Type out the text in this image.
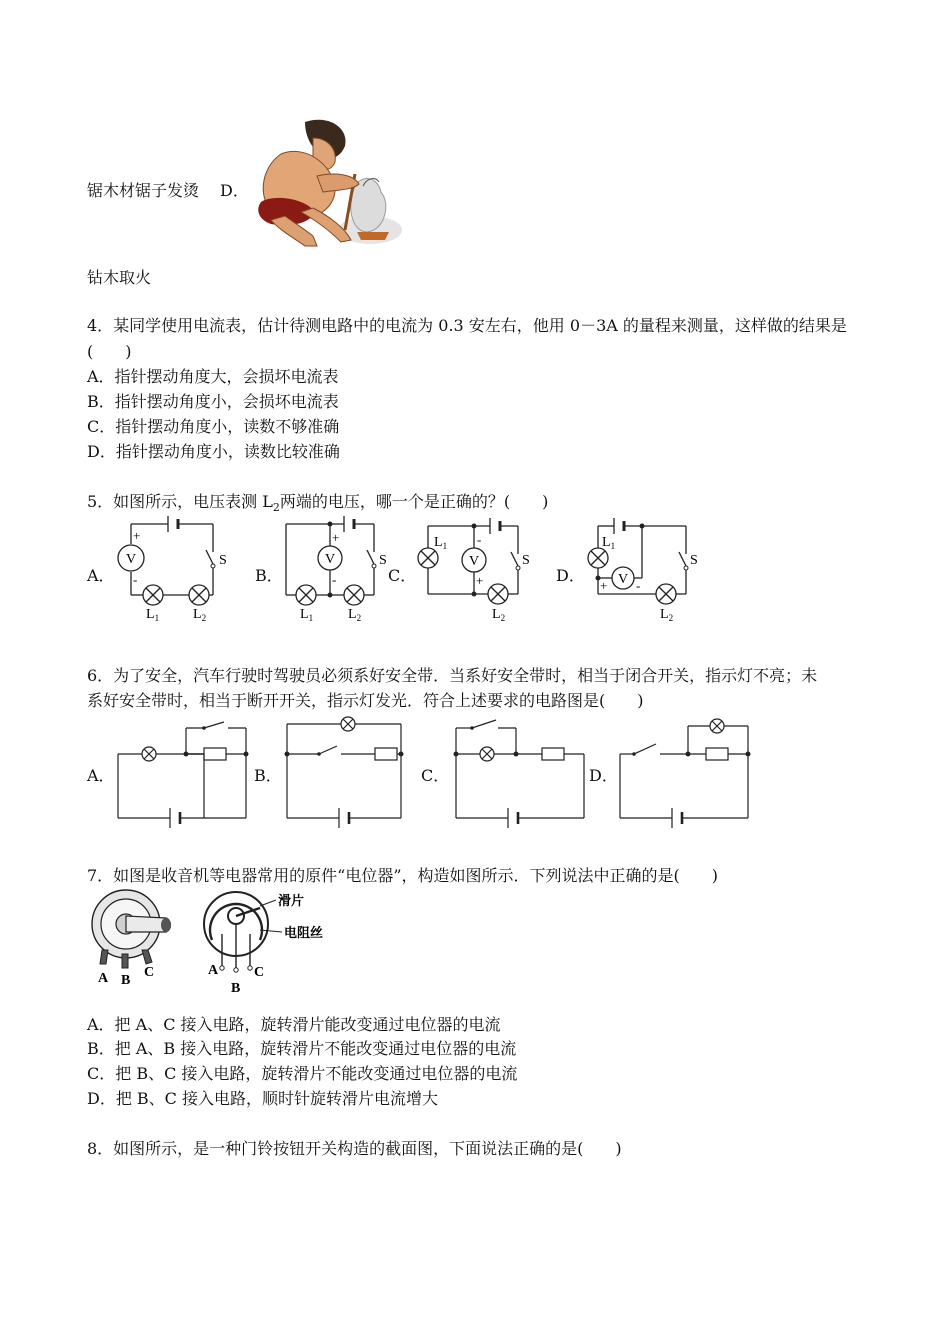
锯木材锯子发烫 D．
钻木取火
4．某同学使用电流表，估计待测电路中的电流为 0.3 安左右，他用 0－3A 的量程来测量，这样做的结果是
(　　)
A．指针摆动角度大，会损坏电流表
B．指针摆动角度小，会损坏电流表
C．指针摆动角度小，读数不够准确
D．指针摆动角度小，读数比较准确
5．如图所示，电压表测 $L_2$两端的电压，哪一个是正确的？(　　)
A．	B．	C．	D．
V
+
-
S
$L_1$ $L_2$
V
+
-
S
$L_1$ $L_2$
V
-
+
S
$L_1$
$L_2$
V
+ -
S
$L_1$
$L_2$
6．为了安全，汽车行驶时驾驶员必须系好安全带．当系好安全带时，相当于闭合开关，指示灯不亮；未
系好安全带时，相当于断开开关，指示灯发光．符合上述要求的电路图是(　　)
A．	B．	C．	D．
7．如图是收音机等电器常用的原件“电位器”，构造如图所示．下列说法中正确的是(　　)
A B
C
滑片
电阻丝
A
B
C
A．把 A、C 接入电路，旋转滑片能改变通过电位器的电流
B．把 A、B 接入电路，旋转滑片不能改变通过电位器的电流
C．把 B、C 接入电路，旋转滑片不能改变通过电位器的电流
D．把 B、C 接入电路，顺时针旋转滑片电流增大
8．如图所示，是一种门铃按钮开关构造的截面图，下面说法正确的是(　　)
